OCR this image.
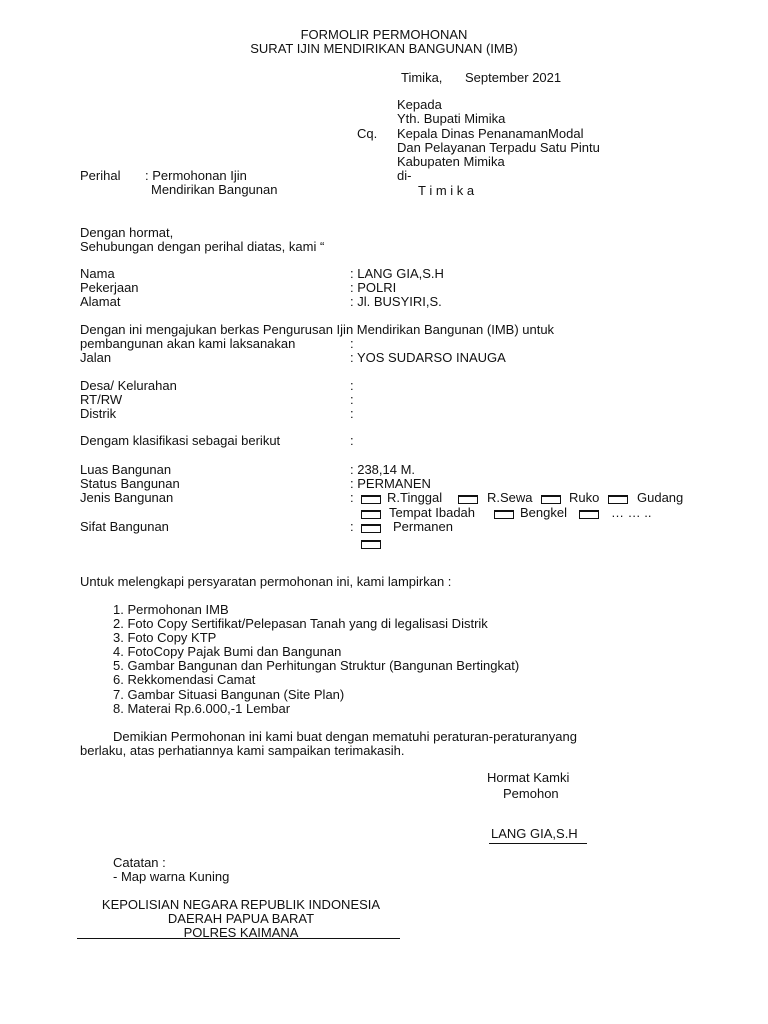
FORMOLIR PERMOHONAN
SURAT IJIN MENDIRIKAN BANGUNAN (IMB)
Timika, September 2021
Kepada
Yth. Bupati Mimika
Cq. Kepala Dinas PenanamanModal
Dan Pelayanan Terpadu Satu Pintu
Kabupaten Mimika
di-
T i m i k a
Perihal : Permohonan Ijin
Mendirikan Bangunan
Dengan hormat,
Sehubungan dengan perihal diatas, kami “
Nama	: LANG GIA,S.H
Pekerjaan	: POLRI
Alamat	: Jl. BUSYIRI,S.
Dengan ini mengajukan berkas Pengurusan Ijin Mendirikan Bangunan (IMB) untuk
pembangunan akan kami laksanakan	:
Jalan	: YOS SUDARSO INAUGA
Desa/ Kelurahan	:
RT/RW	:
Distrik	:
Dengam klasifikasi sebagai berikut	:
Luas Bangunan	: 238,14 M.
Status Bangunan	: PERMANEN
Jenis Bangunan	:	R.Tinggal	R.Sewa	Ruko	Gudang
Tempat Ibadah	Bengkel	… … ..
Sifat Bangunan	:	Permanen
Untuk melengkapi persyaratan permohonan ini, kami lampirkan :
1. Permohonan IMB
2. Foto Copy Sertifikat/Pelepasan Tanah yang di legalisasi Distrik
3. Foto Copy KTP
4. FotoCopy Pajak Bumi dan Bangunan
5. Gambar Bangunan dan Perhitungan Struktur (Bangunan Bertingkat)
6. Rekkomendasi Camat
7. Gambar Situasi Bangunan (Site Plan)
8. Materai Rp.6.000,-1 Lembar
Demikian Permohonan ini kami buat dengan mematuhi peraturan-peraturanyang
berlaku, atas perhatiannya kami sampaikan terimakasih.
Hormat Kamki
Pemohon
LANG GIA,S.H
Catatan :
- Map warna Kuning
KEPOLISIAN NEGARA REPUBLIK INDONESIA
DAERAH PAPUA BARAT
POLRES KAIMANA
